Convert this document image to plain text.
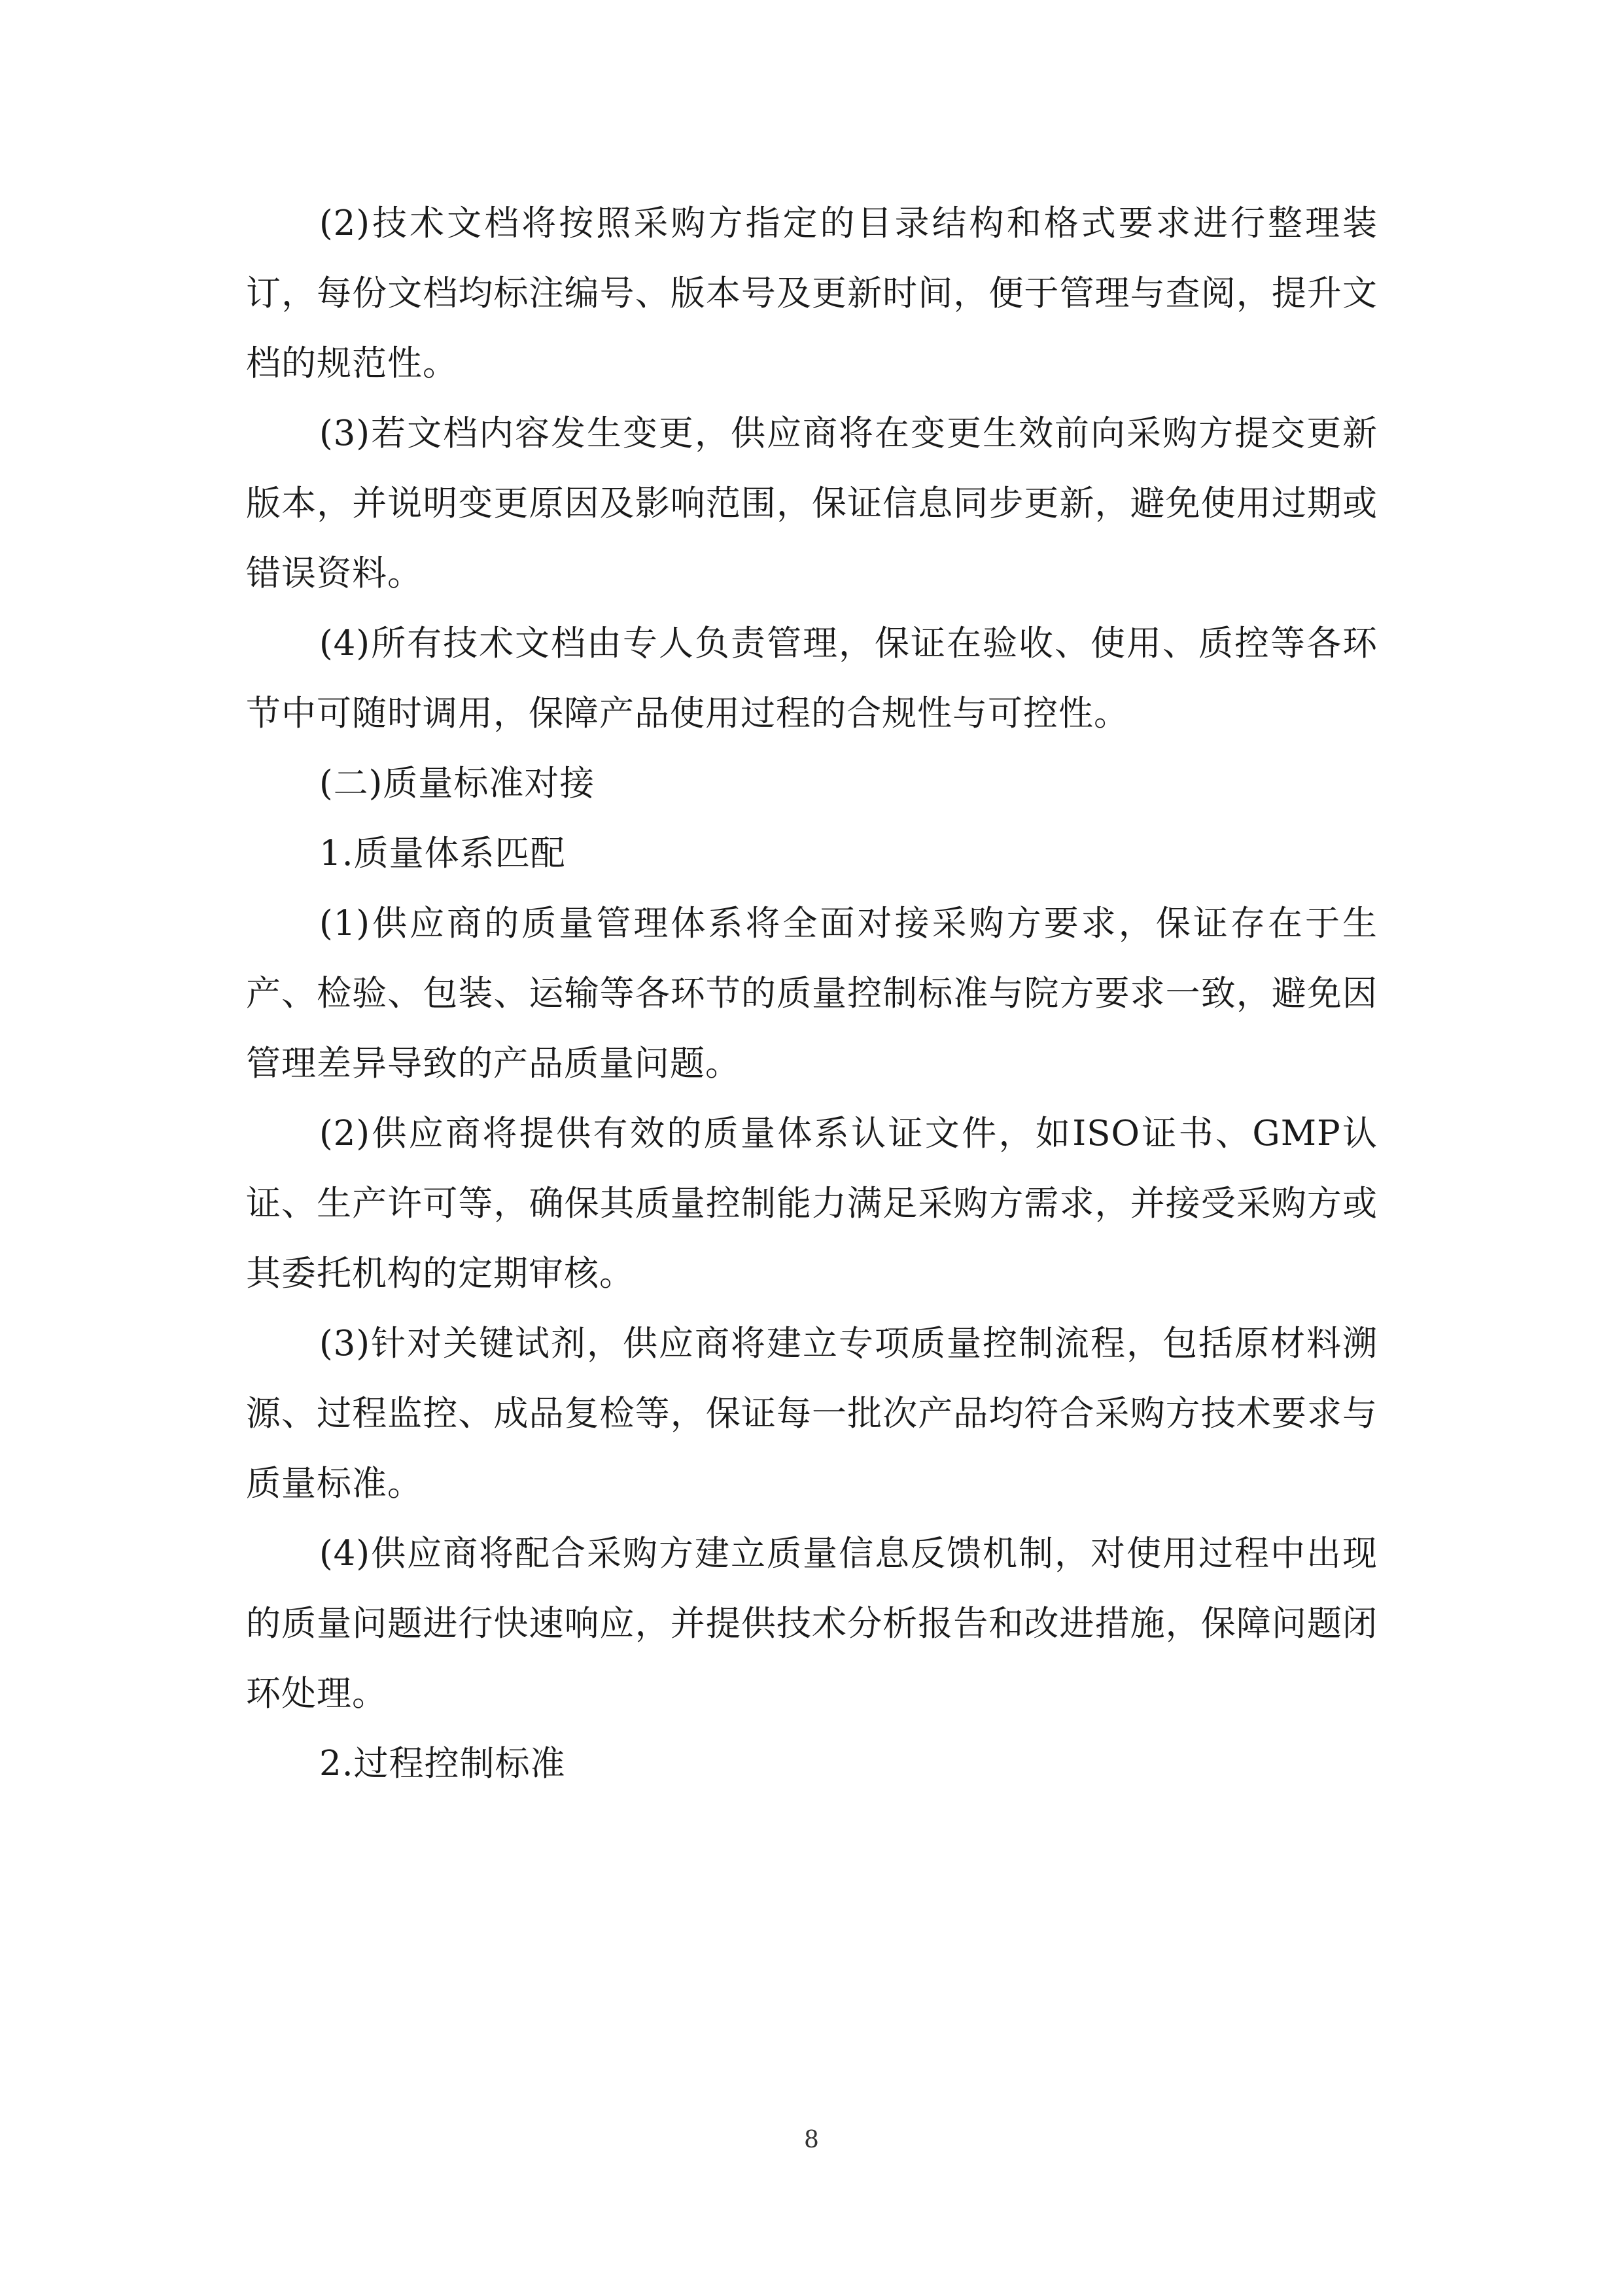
(2)技术文档将按照采购方指定的目录结构和格式要求进行整理装订，每份文档均标注编号、版本号及更新时间，便于管理与查阅，提升文档的规范性。

(3)若文档内容发生变更，供应商将在变更生效前向采购方提交更新版本，并说明变更原因及影响范围，保证信息同步更新，避免使用过期或错误资料。

(4)所有技术文档由专人负责管理，保证在验收、使用、质控等各环节中可随时调用，保障产品使用过程的合规性与可控性。

(二)质量标准对接

1.质量体系匹配

(1)供应商的质量管理体系将全面对接采购方要求，保证存在于生产、检验、包装、运输等各环节的质量控制标准与院方要求一致，避免因管理差异导致的产品质量问题。

(2)供应商将提供有效的质量体系认证文件，如ISO证书、GMP认证、生产许可等，确保其质量控制能力满足采购方需求，并接受采购方或其委托机构的定期审核。

(3)针对关键试剂，供应商将建立专项质量控制流程，包括原材料溯源、过程监控、成品复检等，保证每一批次产品均符合采购方技术要求与质量标准。

(4)供应商将配合采购方建立质量信息反馈机制，对使用过程中出现的质量问题进行快速响应，并提供技术分析报告和改进措施，保障问题闭环处理。

2.过程控制标准

8
